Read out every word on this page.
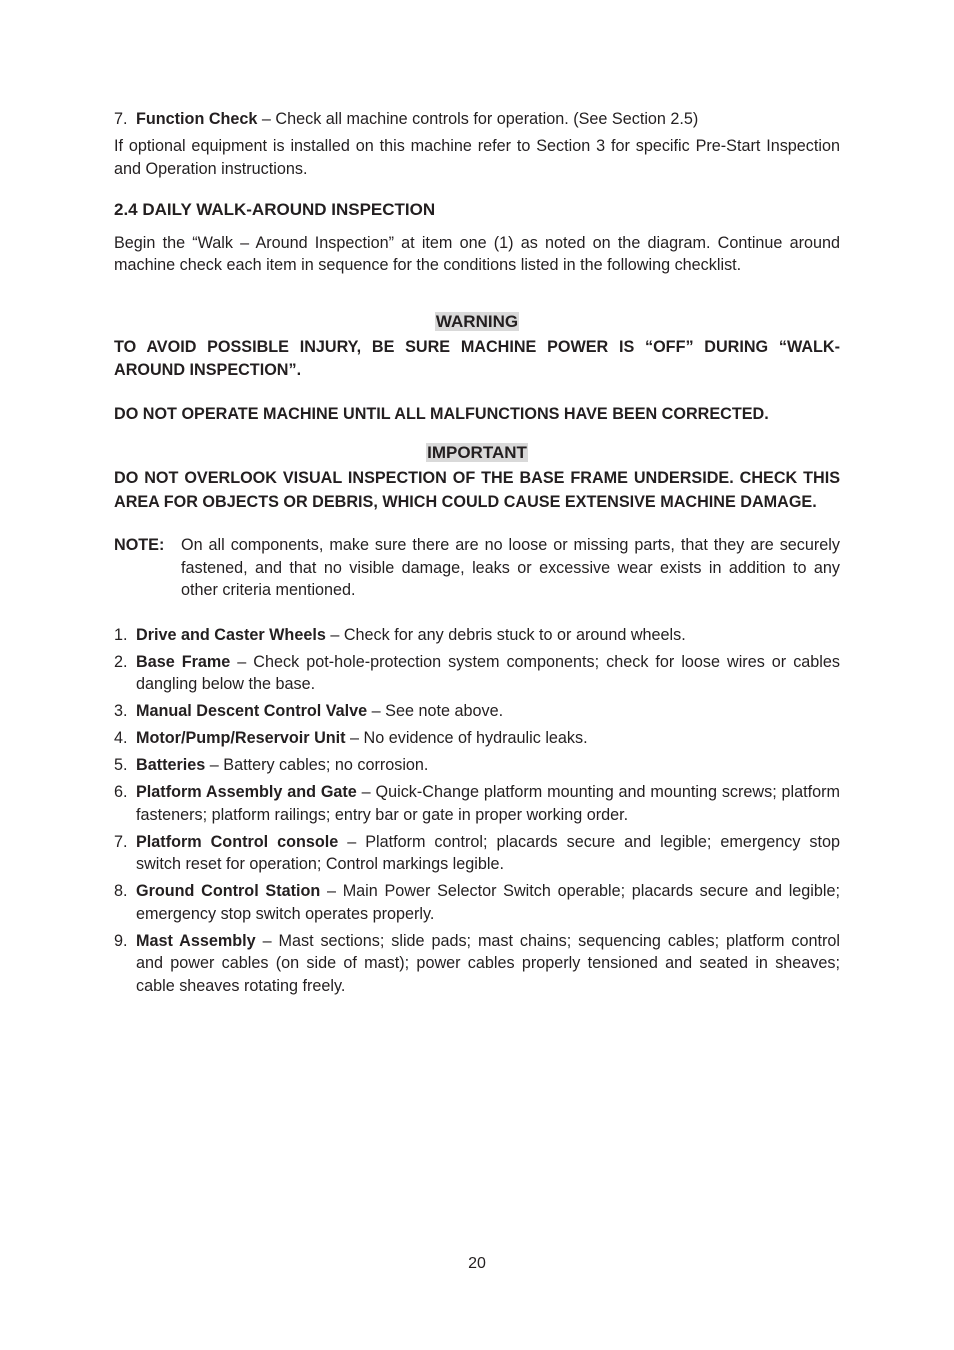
7. Function Check – Check all machine controls for operation. (See Section 2.5)

If optional equipment is installed on this machine refer to Section 3 for specific Pre-Start Inspection and Operation instructions.

2.4 DAILY WALK-AROUND INSPECTION

Begin the “Walk – Around Inspection” at item one (1) as noted on the diagram. Continue around machine check each item in sequence for the conditions listed in the following checklist.

WARNING

TO AVOID POSSIBLE INJURY, BE SURE MACHINE POWER IS “OFF” DURING “WALK-AROUND INSPECTION”.

DO NOT OPERATE MACHINE UNTIL ALL MALFUNCTIONS HAVE BEEN CORRECTED.

IMPORTANT

DO NOT OVERLOOK VISUAL INSPECTION OF THE BASE FRAME UNDERSIDE. CHECK THIS AREA FOR OBJECTS OR DEBRIS, WHICH COULD CAUSE EXTENSIVE MACHINE DAMAGE.

NOTE:	On all components, make sure there are no loose or missing parts, that they are securely fastened, and that no visible damage, leaks or excessive wear exists in addition to any other criteria mentioned.
1. Drive and Caster Wheels – Check for any debris stuck to or around wheels.
2. Base Frame – Check pot-hole-protection system components; check for loose wires or cables dangling below the base.
3. Manual Descent Control Valve – See note above.
4. Motor/Pump/Reservoir Unit – No evidence of hydraulic leaks.
5. Batteries – Battery cables; no corrosion.
6. Platform Assembly and Gate – Quick-Change platform mounting and mounting screws; platform fasteners; platform railings; entry bar or gate in proper working order.
7. Platform Control console – Platform control; placards secure and legible; emergency stop switch reset for operation; Control markings legible.
8. Ground Control Station – Main Power Selector Switch operable; placards secure and legible; emergency stop switch operates properly.
9. Mast Assembly – Mast sections; slide pads; mast chains; sequencing cables; platform control and power cables (on side of mast); power cables properly tensioned and seated in sheaves; cable sheaves rotating freely.
20
